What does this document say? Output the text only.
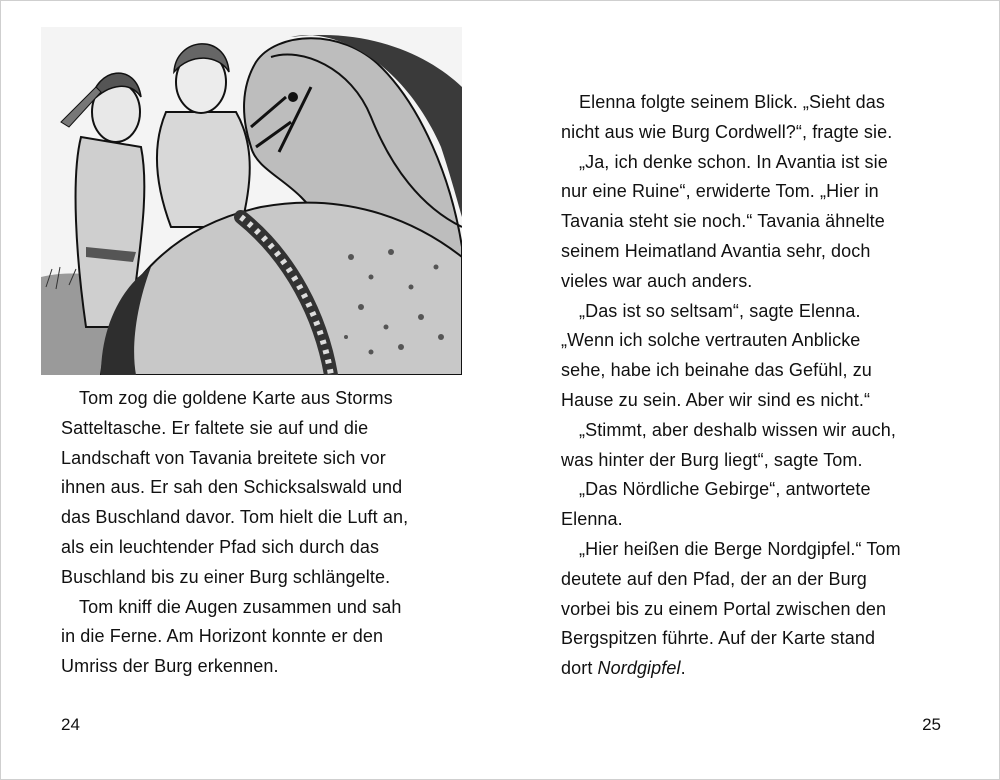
Tom zog die goldene Karte aus Storms
Satteltasche. Er faltete sie auf und die
Landschaft von Tavania breitete sich vor
ihnen aus. Er sah den Schicksalswald und
das Buschland davor. Tom hielt die Luft an,
als ein leuchtender Pfad sich durch das
Buschland bis zu einer Burg schlängelte.

Tom kniff die Augen zusammen und sah
in die Ferne. Am Horizont konnte er den
Umriss der Burg erkennen.

24

Elenna folgte seinem Blick. „Sieht das
nicht aus wie Burg Cordwell?“, fragte sie.

„Ja, ich denke schon. In Avantia ist sie
nur eine Ruine“, erwiderte Tom. „Hier in
Tavania steht sie noch.“ Tavania ähnelte
seinem Heimatland Avantia sehr, doch
vieles war auch anders.

„Das ist so seltsam“, sagte Elenna.
„Wenn ich solche vertrauten Anblicke
sehe, habe ich beinahe das Gefühl, zu
Hause zu sein. Aber wir sind es nicht.“

„Stimmt, aber deshalb wissen wir auch,
was hinter der Burg liegt“, sagte Tom.

„Das Nördliche Gebirge“, antwortete
Elenna.

„Hier heißen die Berge Nordgipfel.“ Tom
deutete auf den Pfad, der an der Burg
vorbei bis zu einem Portal zwischen den
Bergspitzen führte. Auf der Karte stand
dort Nordgipfel.

25
